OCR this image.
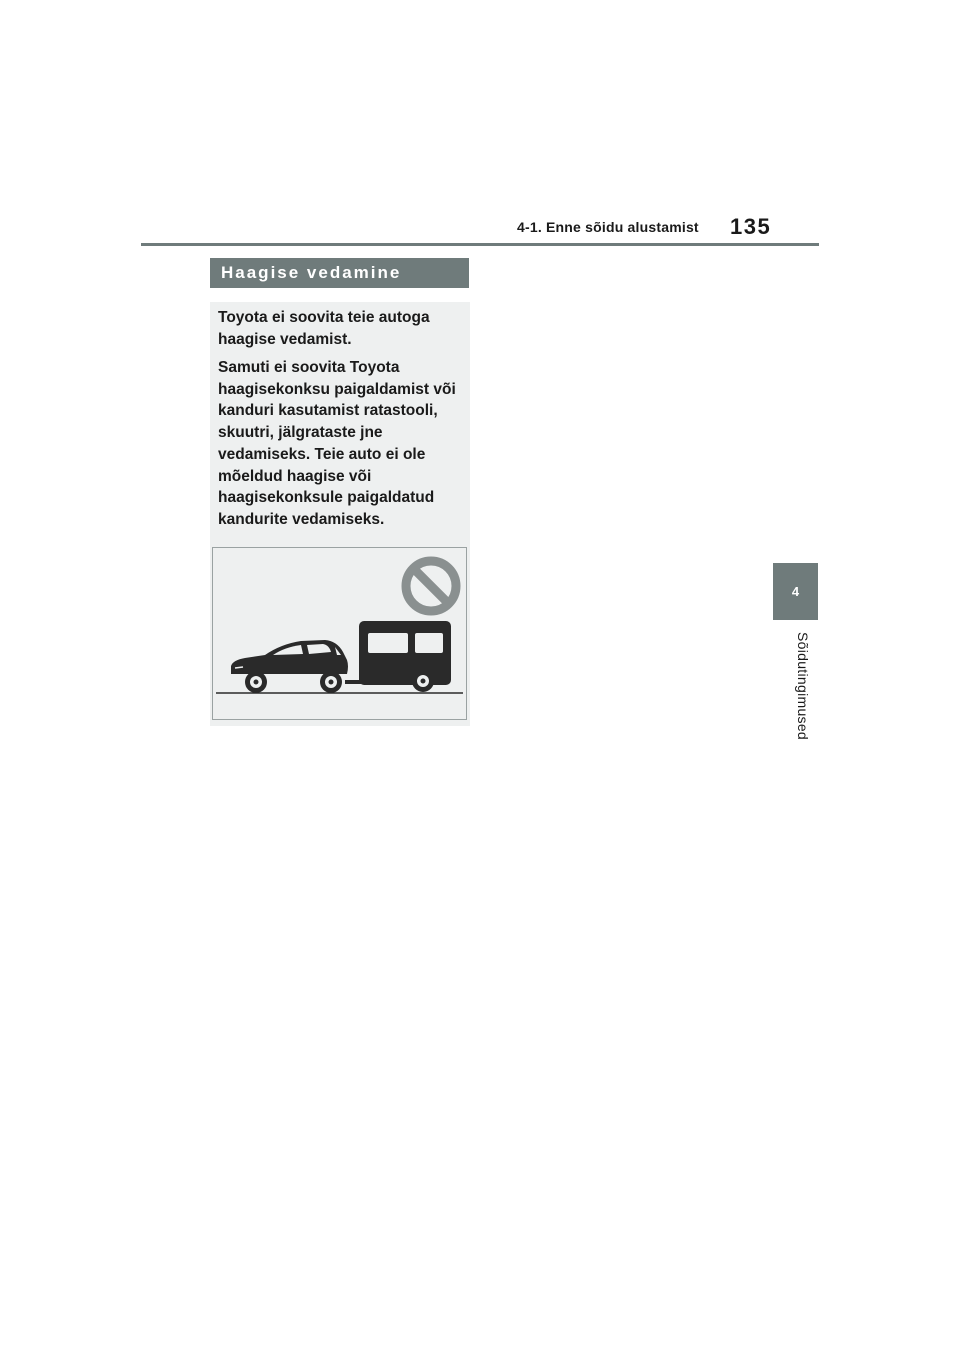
4-1. Enne sõidu alustamist 135
4
Sõidutingimused
Haagise vedamine

Toyota ei soovita teie autoga haagise vedamist.

Samuti ei soovita Toyota haagisekonksu paigaldamist või kanduri kasutamist ratastooli, skuutri, jälgrataste jne vedamiseks. Teie auto ei ole mõeldud haagise või haagisekonksule paigaldatud kandurite vedamiseks.
